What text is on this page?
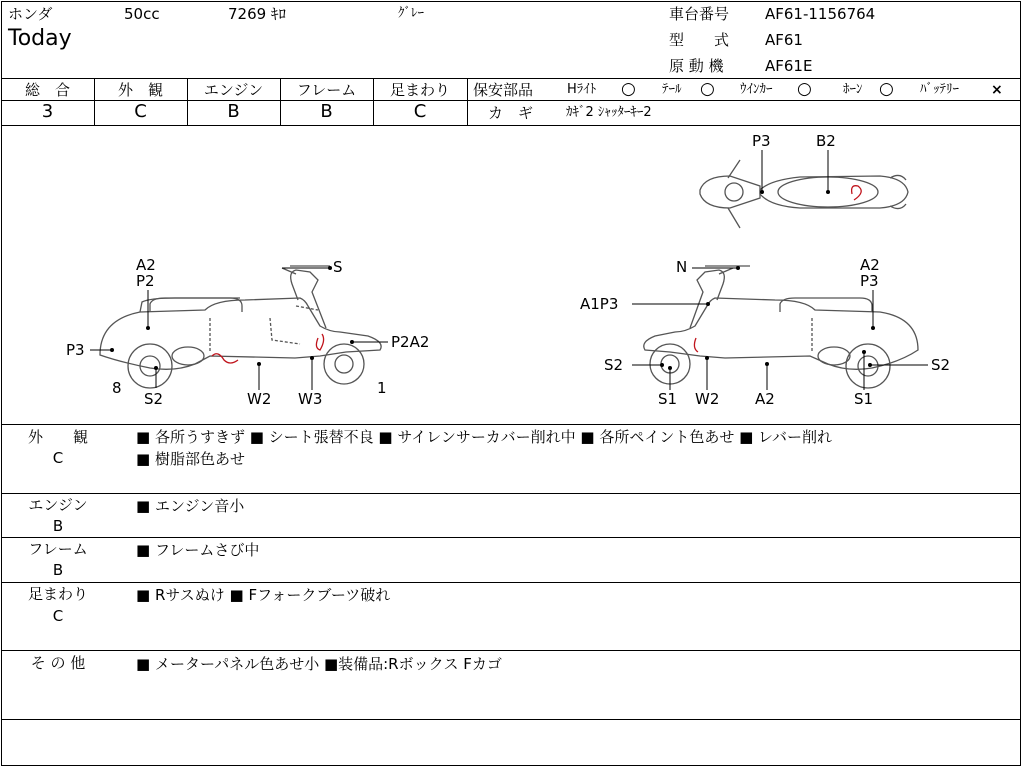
ホンダ	50cc	7269 ｷﾛ	ｸﾞﾚｰ
Today
車台番号 AF61-1156764
型　　式 AF61
原 動 機	AF61E
総　合	外　観	エンジン	フレーム	足まわり
3	C	B	B	C
保安部品	Hﾗｲﾄ ○ ﾃｰﾙ ○ ｳｲﾝｶｰ ○ ﾎｰﾝ ○ ﾊﾞｯﾃﾘｰ ×
カ　ギ	ｶｷﾞ2 ｼｬｯﾀｰｷｰ2
A2
P2
S
P3	P2A2
8	1
S2	W2 W3
P3	B2
N	A2
P3
A1P3
S2	S2
S1 W2 A2	S1
外　　観
C
■ 各所うすきず ■ シート張替不良 ■ サイレンサーカバー削れ中 ■ 各所ペイント色あせ ■ レバー削れ
■ 樹脂部色あせ
エンジン
B
■ エンジン音小
フレーム
B
■ フレームさび中
足まわり
C
■ Rサスぬけ ■ Fフォークブーツ破れ
そ の 他	■ メーターパネル色あせ小 ■装備品:Rボックス Fカゴ
